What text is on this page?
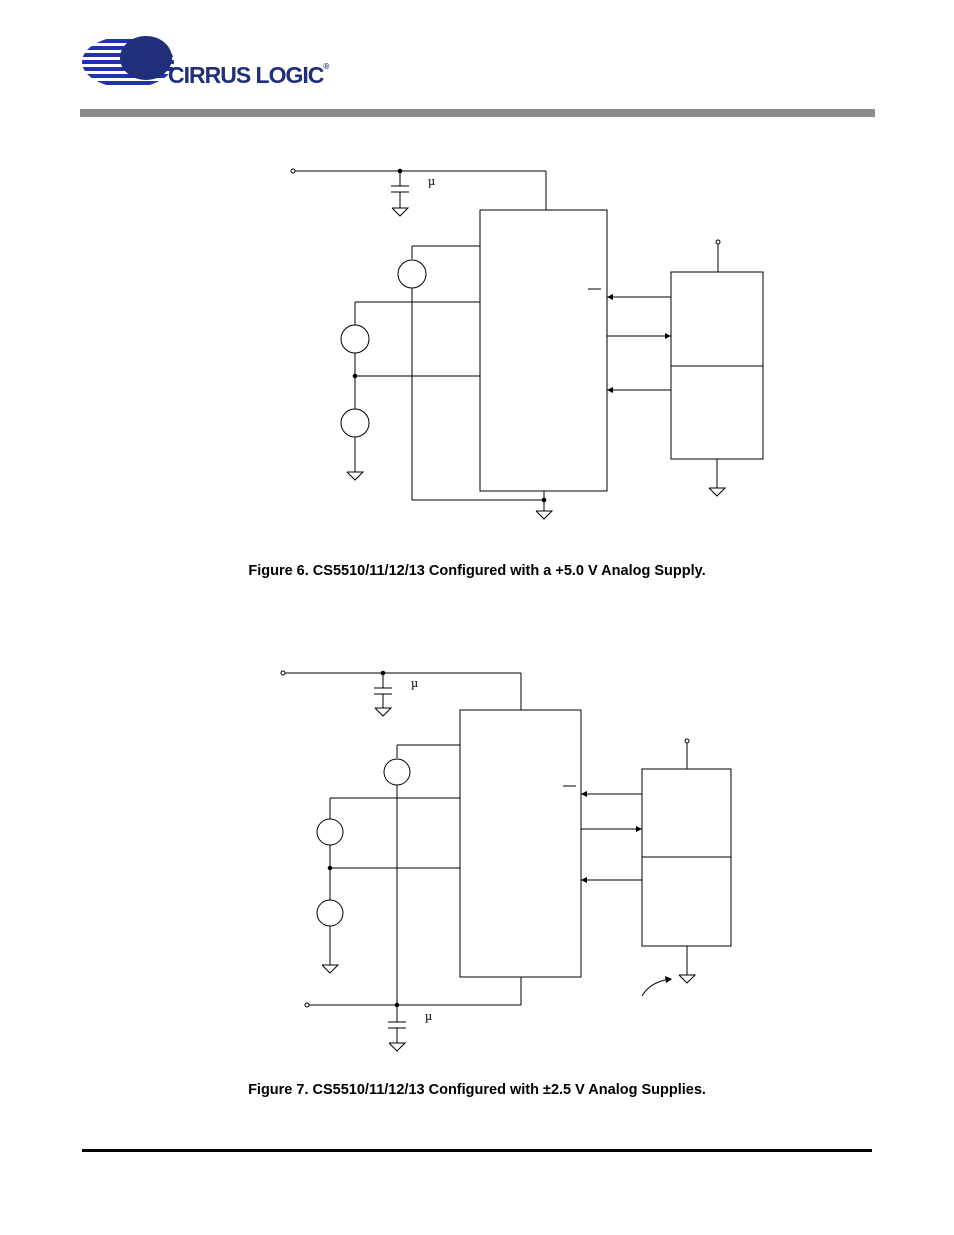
CIRRUS LOGIC®
µ
Figure 6. CS5510/11/12/13 Configured with a +5.0 V Analog Supply.
µ
µ
Figure 7. CS5510/11/12/13 Configured with ±2.5 V Analog Supplies.
